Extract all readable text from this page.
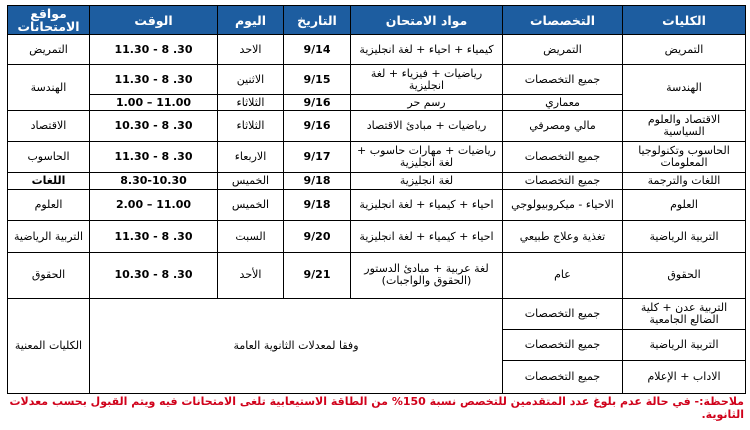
الكليات	التخصصات	مواد الامتحان	التاريخ	اليوم	الوقت	مواقع الامتحانات
التمريض	التمريض	كيمياء + احياء + لغة انجليزية	9/14	الاحد	11.30 - 8 .30	التمريض
الهندسة	جميع التخصصات	رياضيات + فيزياء + لغة انجليزية	9/15	الاثنين	11.30 - 8 .30	الهندسة
	معماري	رسم حر	9/16	الثلاثاء	1.00 – 11.00	
الاقتصاد والعلوم السياسية	مالي ومصرفي	رياضيات + مبادئ الاقتصاد	9/16	الثلاثاء	10.30 - 8 .30	الاقتصاد
الحاسوب وتكنولوجيا المعلومات	جميع التخصصات	رياضيات + مهارات حاسوب + لغة انجليزية	9/17	الاربعاء	11.30 - 8 .30	الحاسوب
اللغات والترجمة	جميع التخصصات	لغة انجليزية	9/18	الخميس	8.30-10.30	اللغات
العلوم	الاحياء - ميكروبيولوجي	احياء + كيمياء + لغة انجليزية	9/18	الخميس	2.00 – 11.00	العلوم
التربية الرياضية	تغذية وعلاج طبيعي	احياء + كيمياء + لغة انجليزية	9/20	السبت	11.30 - 8 .30	التربية الرياضية
الحقوق	عام	لغة عربية + مبادئ الدستور (الحقوق والواجبات)	9/21	الأحد	10.30 - 8 .30	الحقوق
التربية عدن + كلية الضالع الجامعية	جميع التخصصات	وفقا لمعدلات الثانوية العامة				الكليات المعنية
التربية الرياضية	جميع التخصصات					
الاداب + الإعلام	جميع التخصصات					
ملاحظة:- في حالة عدم بلوغ عدد المتقدمين للتخصص نسبة 150% من الطاقة الاستيعابية تلغى الامتحانات فيه ويتم القبول بحسب معدلات الثانوية.
